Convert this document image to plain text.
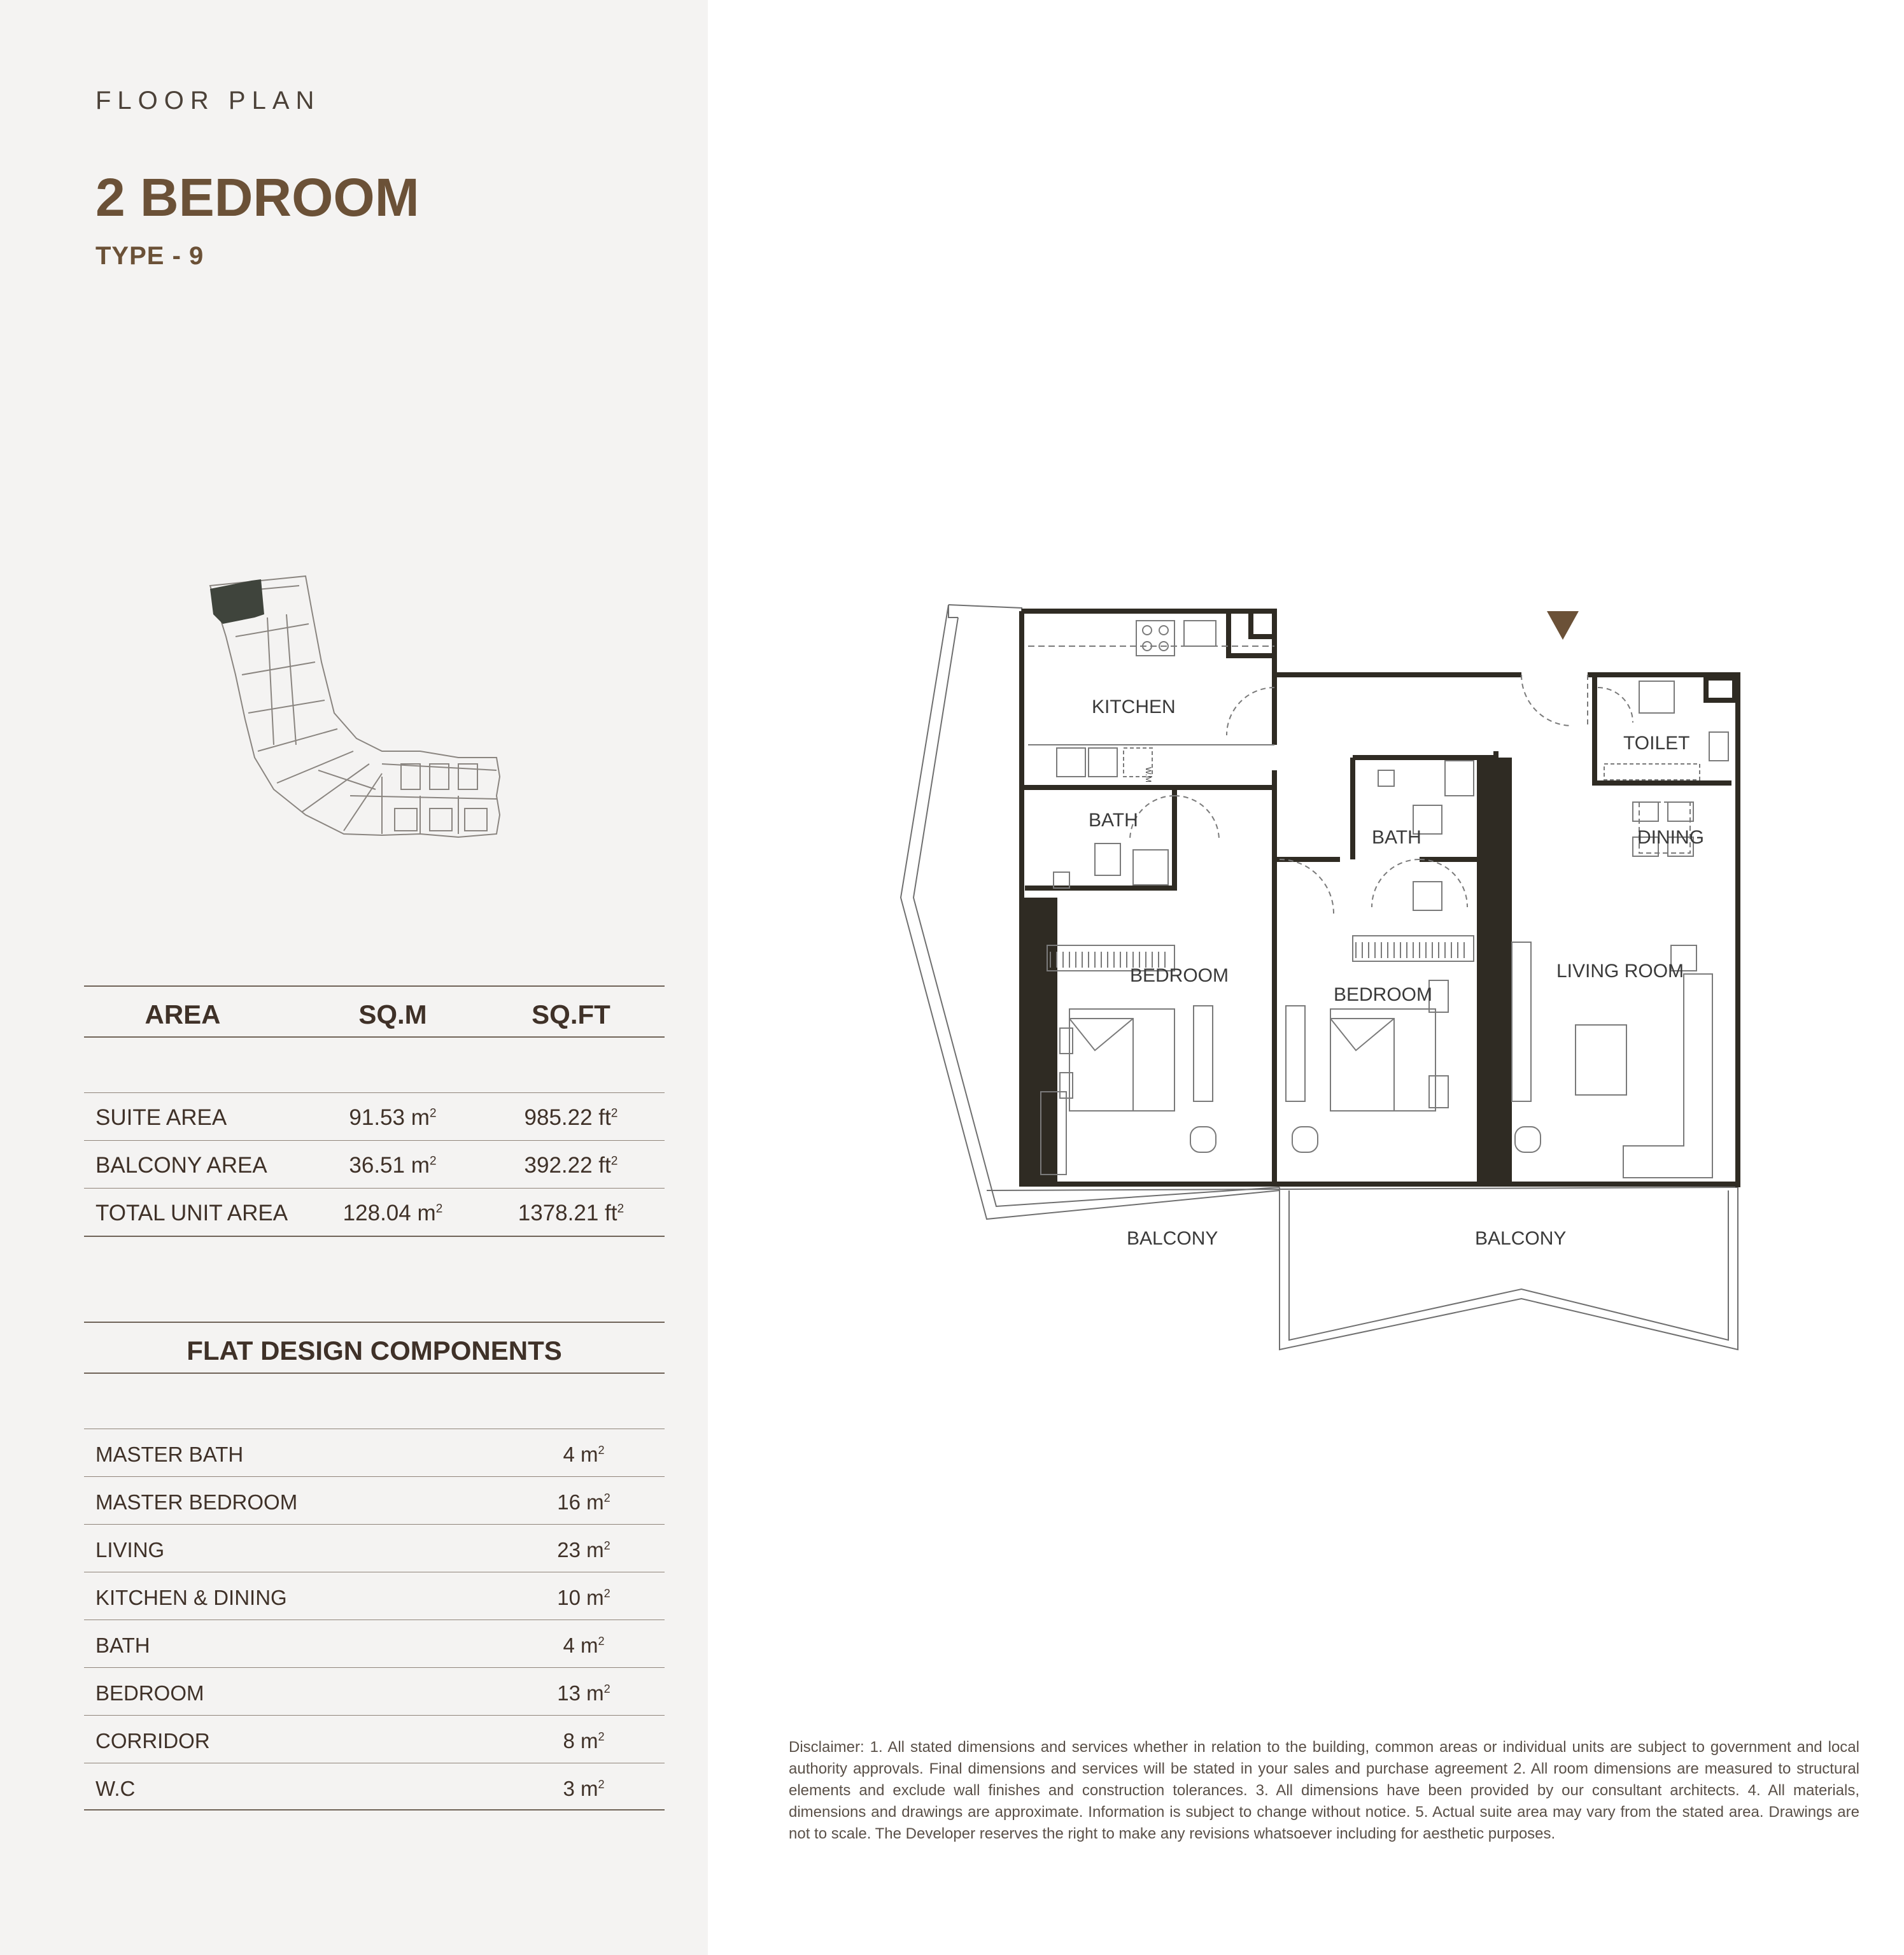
FLOOR PLAN
2 BEDROOM
TYPE - 9
AREA	SQ.M	SQ.FT
SUITE AREA	91.53 $m^2$	985.22 $ft^2$
BALCONY AREA	36.51 $m^2$	392.22 $ft^2$
TOTAL UNIT AREA	128.04 $m^2$	1378.21 $ft^2$
FLAT DESIGN COMPONENTS
MASTER BATH	4 $m^2$
MASTER BEDROOM	16 $m^2$
LIVING	23 $m^2$
KITCHEN & DINING	10 $m^2$
BATH	4 $m^2$
BEDROOM	13 $m^2$
CORRIDOR	8 $m^2$
W.C	3 $m^2$
KITCHEN
BATH
BATH
TOILET
DINING
BEDROOM
BEDROOM
LIVING ROOM
BALCONY	BALCONY
W.M
Disclaimer: 1. All stated dimensions and services whether in relation to the building, common areas or individual units are subject to government and local authority approvals. Final dimensions and services will be stated in your sales and purchase agreement 2. All room dimensions are measured to structural elements and exclude wall finishes and construction tolerances. 3. All dimensions have been provided by our consultant architects. 4. All materials, dimensions and drawings are approximate. Information is subject to change without notice. 5. Actual suite area may vary from the stated area. Drawings are not to scale. The Developer reserves the right to make any revisions whatsoever including for aesthetic purposes.
